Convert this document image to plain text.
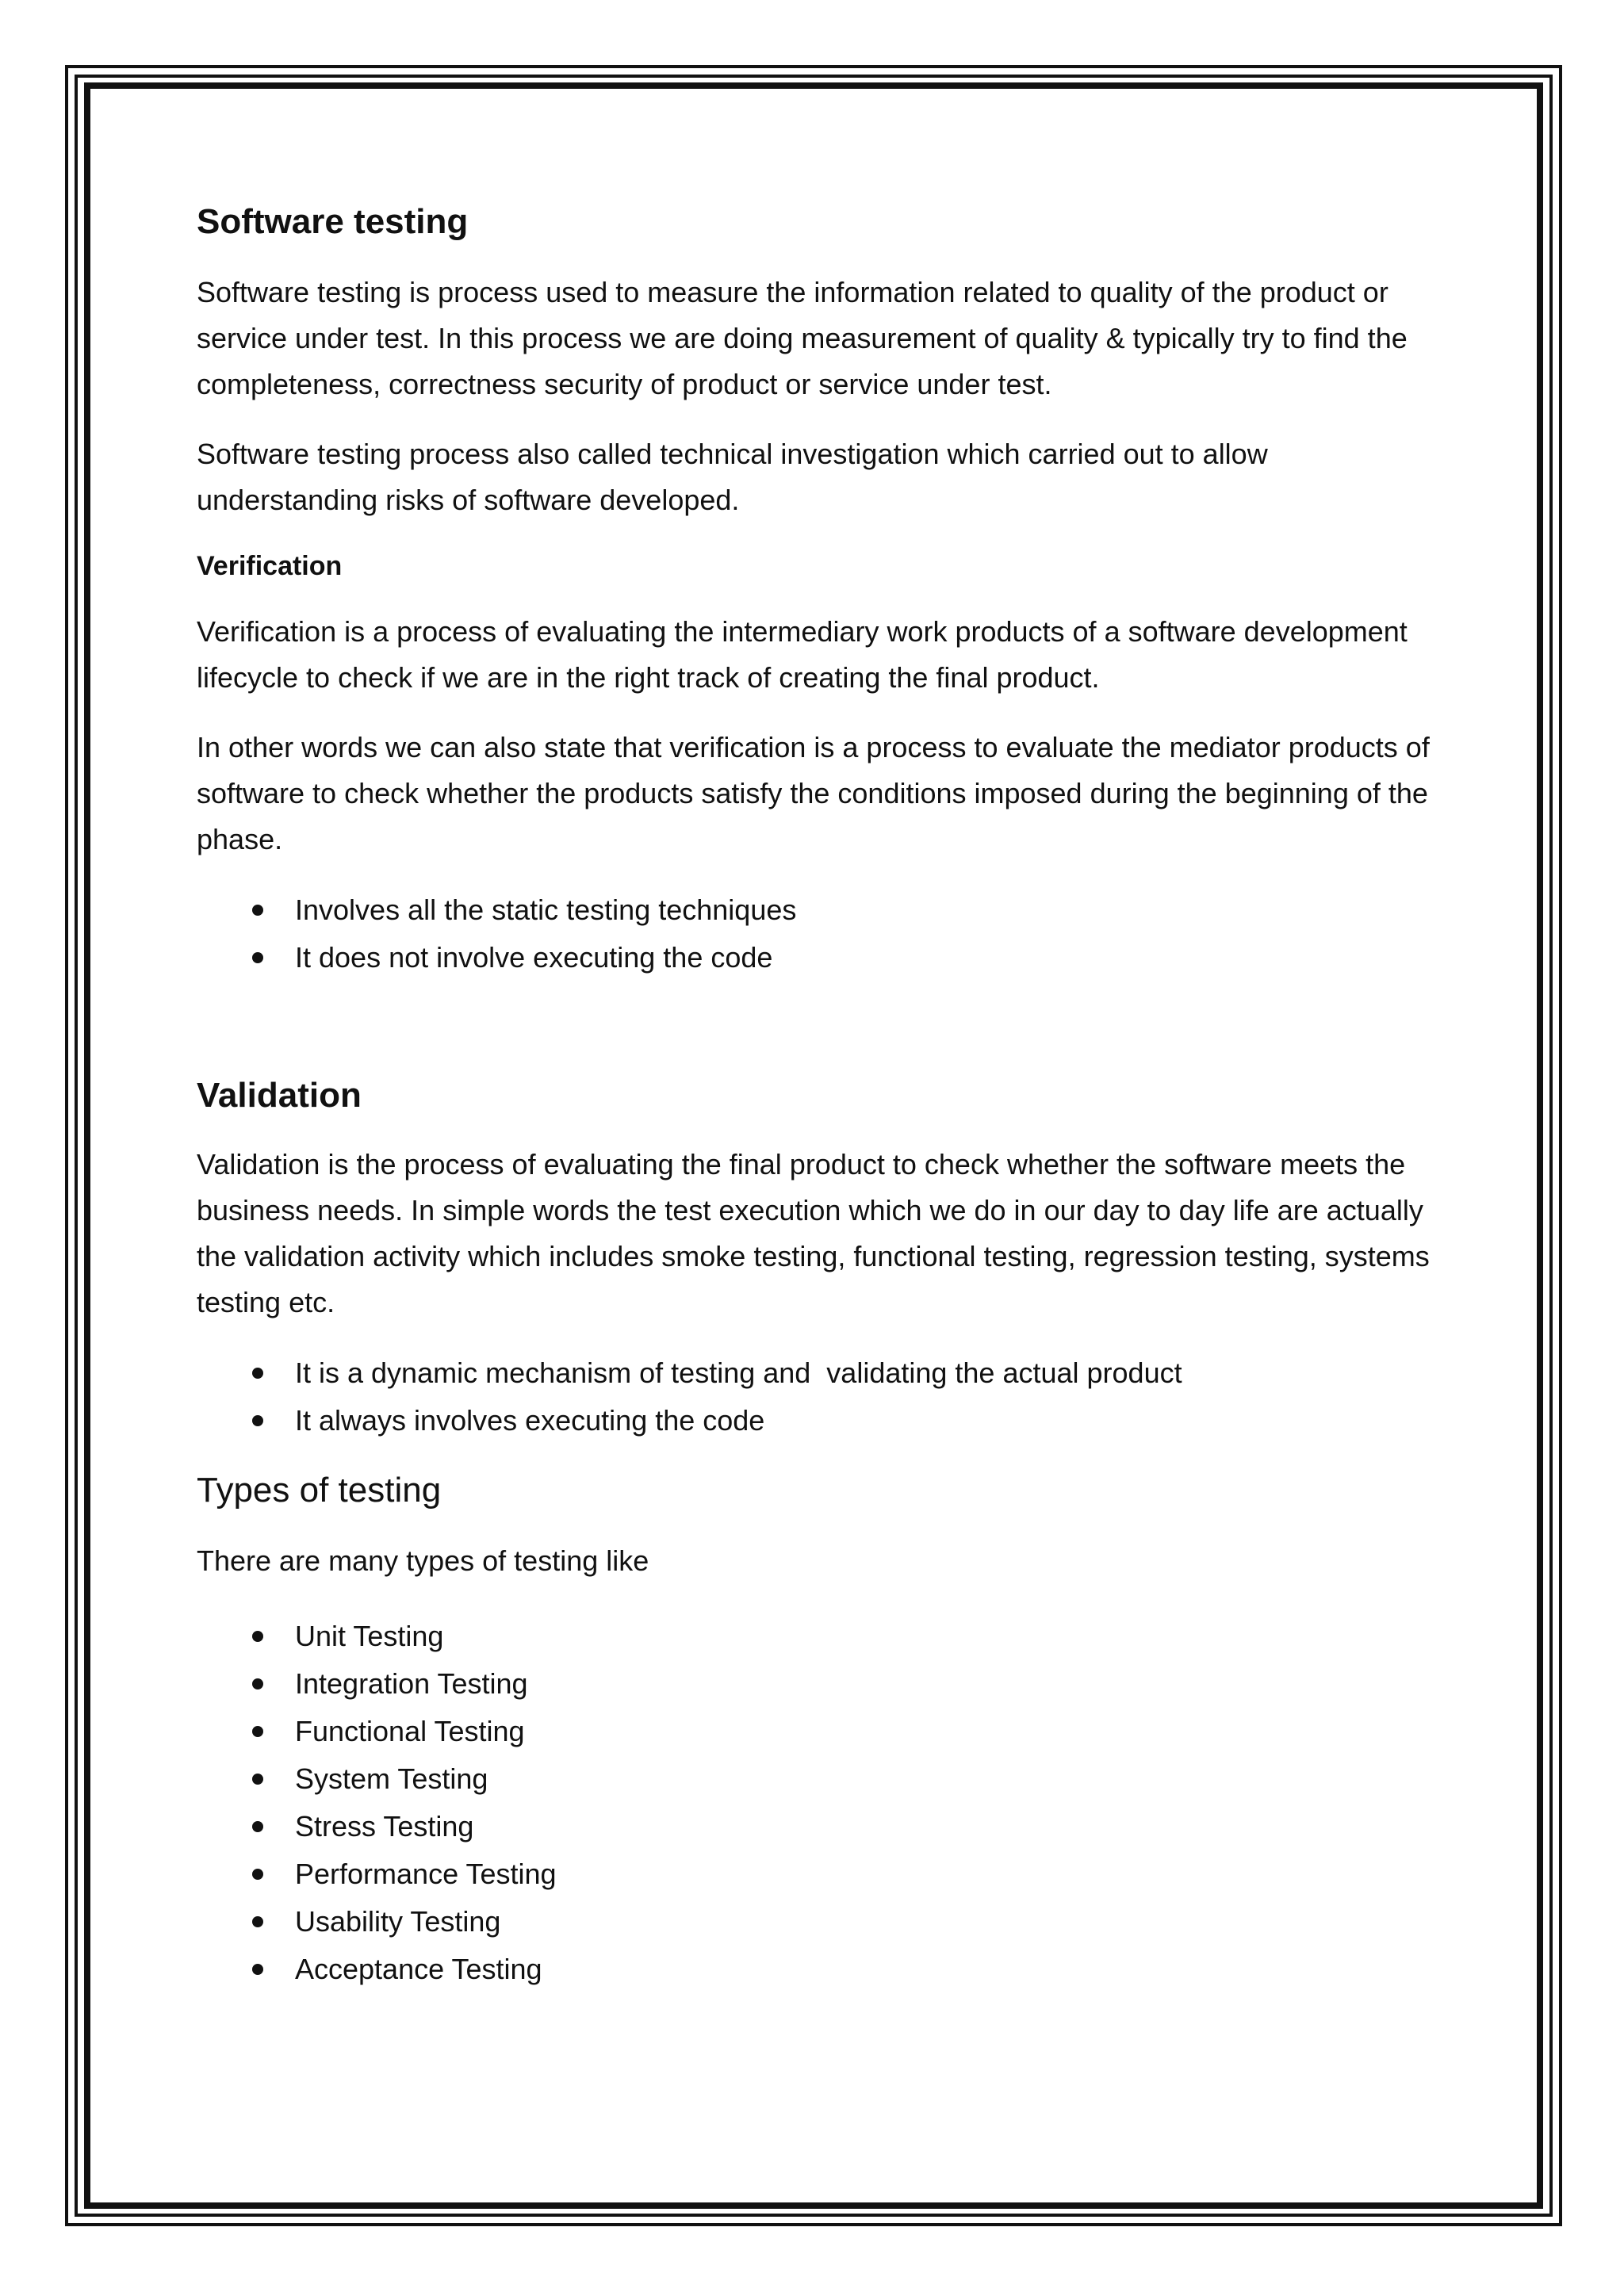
Software testing

Software testing is process used to measure the information related to quality of the product or service under test. In this process we are doing measurement of quality & typically try to find the completeness, correctness security of product or service under test.

Software testing process also called technical investigation which carried out to allow understanding risks of software developed.

Verification

Verification is a process of evaluating the intermediary work products of a software development lifecycle to check if we are in the right track of creating the final product.

In other words we can also state that verification is a process to evaluate the mediator products of software to check whether the products satisfy the conditions imposed during the beginning of the phase.

Involves all the static testing techniques
It does not involve executing the code
Validation

Validation is the process of evaluating the final product to check whether the software meets the business needs. In simple words the test execution which we do in our day to day life are actually the validation activity which includes smoke testing, functional testing, regression testing, systems testing etc.

It is a dynamic mechanism of testing and  validating the actual product
It always involves executing the code
Types of testing

There are many types of testing like

Unit Testing
Integration Testing
Functional Testing
System Testing
Stress Testing
Performance Testing
Usability Testing
Acceptance Testing
